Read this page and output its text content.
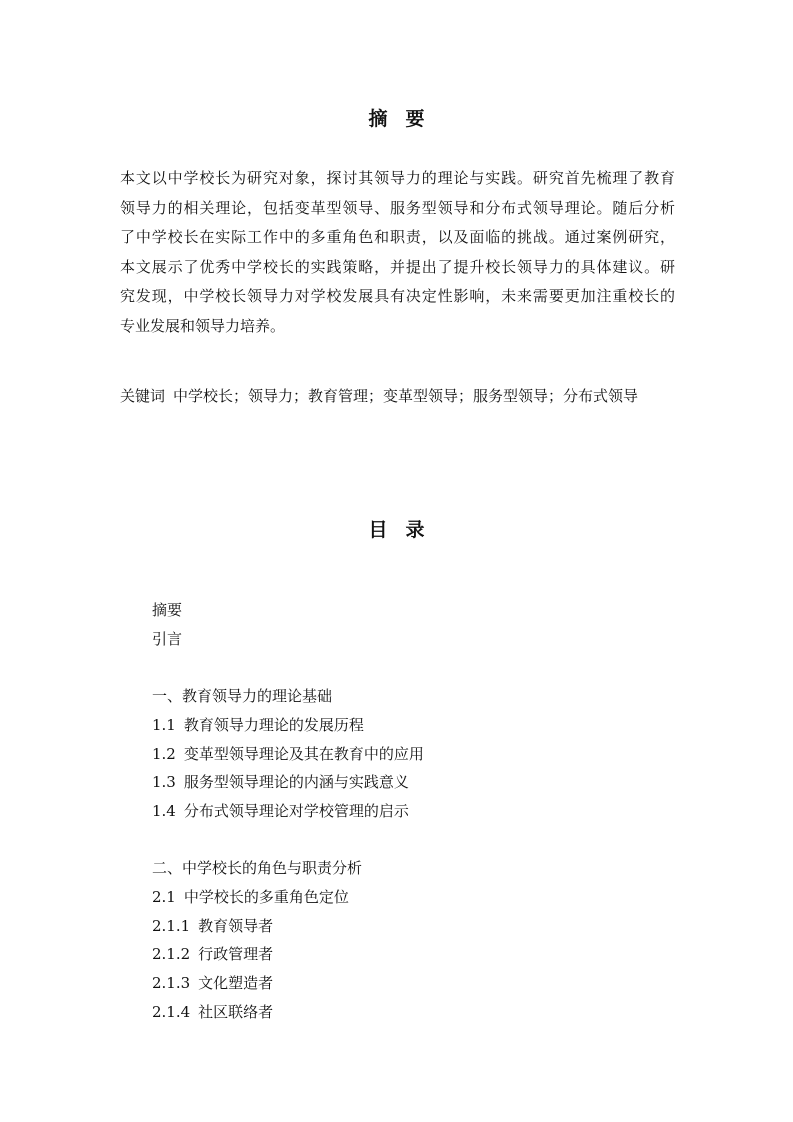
摘 要
本文以中学校长为研究对象，探讨其领导力的理论与实践。研究首先梳理了教育
领导力的相关理论，包括变革型领导、服务型领导和分布式领导理论。随后分析
了中学校长在实际工作中的多重角色和职责，以及面临的挑战。通过案例研究，
本文展示了优秀中学校长的实践策略，并提出了提升校长领导力的具体建议。研
究发现，中学校长领导力对学校发展具有决定性影响，未来需要更加注重校长的
专业发展和领导力培养。
关键词 中学校长；领导力；教育管理；变革型领导；服务型领导；分布式领导
目 录
摘要
引言
一、教育领导力的理论基础
1.1 教育领导力理论的发展历程
1.2 变革型领导理论及其在教育中的应用
1.3 服务型领导理论的内涵与实践意义
1.4 分布式领导理论对学校管理的启示
二、中学校长的角色与职责分析
2.1 中学校长的多重角色定位
2.1.1 教育领导者
2.1.2 行政管理者
2.1.3 文化塑造者
2.1.4 社区联络者
